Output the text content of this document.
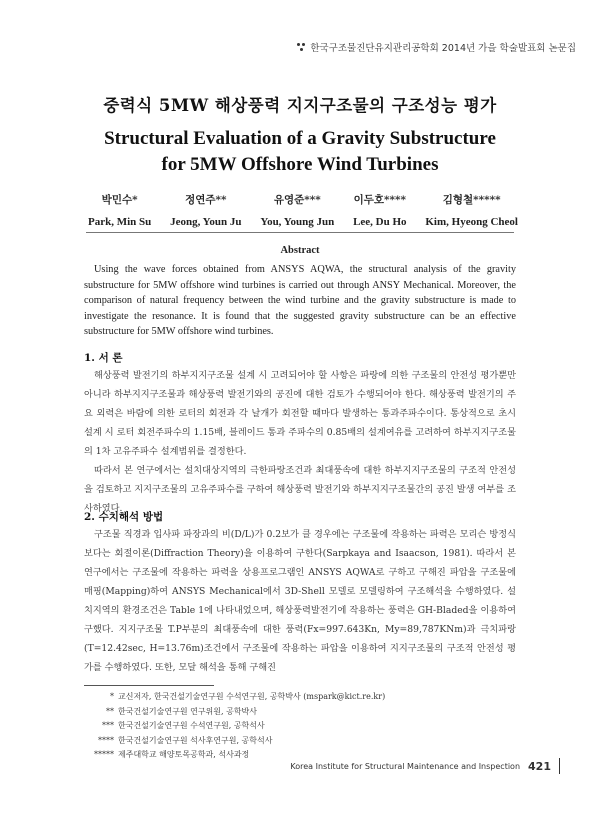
한국구조물진단유지관리공학회 2014년 가을 학술발표회 논문집
중력식 5MW 해상풍력 지지구조물의 구조성능 평가
Structural Evaluation of a Gravity Substructure
for 5MW Offshore Wind Turbines
박민수*
Park, Min Su
정연주**
Jeong, Youn Ju
유영준***
You, Young Jun
이두호****
Lee, Du Ho
김형철*****
Kim, Hyeong Cheol
Abstract
Using the wave forces obtained from ANSYS AQWA, the structural analysis of the gravity substructure for 5MW offshore wind turbines is carried out through ANSY Mechanical. Moreover, the comparison of natural frequency between the wind turbine and the gravity substructure is made to investigate the resonance. It is found that the suggested gravity substructure can be an effective substructure for 5MW offshore wind turbines.
1. 서 론

해상풍력 발전기의 하부지지구조물 설계 시 고려되어야 할 사항은 파랑에 의한 구조물의 안전성 평가뿐만 아니라 하부지지구조물과 해상풍력 발전기와의 공진에 대한 검토가 수행되어야 한다. 해상풍력 발전기의 주요 외력은 바람에 의한 로터의 회전과 각 날개가 회전할 때마다 발생하는 통과주파수이다. 통상적으로 초시 설계 시 로터 회전주파수의 1.15배, 블레이드 통과 주파수의 0.85배의 설계여유를 고려하여 하부지지구조물의 1차 고유주파수 설계범위를 결정한다.

따라서 본 연구에서는 설치대상지역의 극한파랑조건과 최대풍속에 대한 하부지지구조물의 구조적 안전성을 검토하고 지지구조물의 고유주파수를 구하여 해상풍력 발전기와 하부지지구조물간의 공진 발생 여부를 조사하였다.

2. 수치해석 방법

구조물 직경과 입사파 파장과의 비(D/L)가 0.2보가 클 경우에는 구조물에 작용하는 파력은 모리슨 방정식 보다는 회절이론(Diffraction Theory)을 이용하여 구한다(Sarpkaya and Isaacson, 1981). 따라서 본 연구에서는 구조물에 작용하는 파력을 상용프로그램인 ANSYS AQWA로 구하고 구해진 파압을 구조물에 매핑(Mapping)하여 ANSYS Mechanical에서 3D-Shell 모델로 모델링하여 구조해석을 수행하였다. 설치지역의 환경조건은 Table 1에 나타내었으며, 해상풍력발전기에 작용하는 풍력은 GH-Bladed을 이용하여 구했다. 지지구조물 T.P부분의 최대풍속에 대한 풍력(Fx=997.643Kn, My=89,787KNm)과 극치파랑(T=12.42sec, H=13.76m)조건에서 구조물에 작용하는 파압을 이용하여 지지구조물의 구조적 안전성 평가를 수행하였다. 또한, 모달 해석을 통해 구해진

* 교신저자, 한국건설기술연구원 수석연구원, 공학박사 (mspark@kict.re.kr)
** 한국건설기술연구원 연구위원, 공학박사
*** 한국건설기술연구원 수석연구원, 공학석사
**** 한국건설기술연구원 석사후연구원, 공학석사
***** 제주대학교 해양토목공학과, 석사과정
Korea Institute for Structural Maintenance and Inspection 421
